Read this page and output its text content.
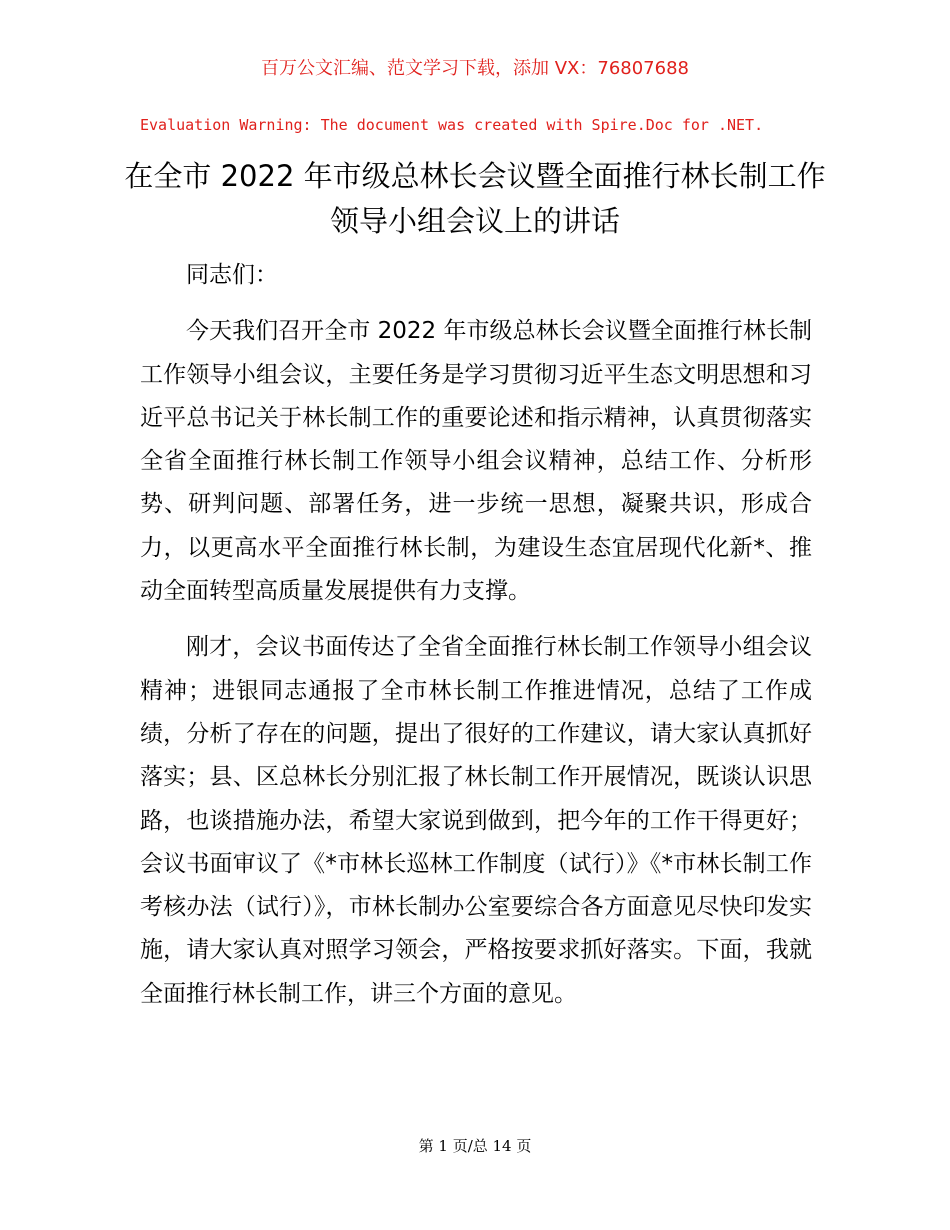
百万公文汇编、范文学习下载，添加 VX：76807688
Evaluation Warning: The document was created with Spire.Doc for .NET.
在全市 2022 年市级总林长会议暨全面推行林长制工作领导小组会议上的讲话

同志们：

今天我们召开全市 2022 年市级总林长会议暨全面推行林长制工作领导小组会议，主要任务是学习贯彻习近平生态文明思想和习近平总书记关于林长制工作的重要论述和指示精神，认真贯彻落实全省全面推行林长制工作领导小组会议精神，总结工作、分析形势、研判问题、部署任务，进一步统一思想，凝聚共识，形成合力，以更高水平全面推行林长制，为建设生态宜居现代化新*、推动全面转型高质量发展提供有力支撑。

刚才，会议书面传达了全省全面推行林长制工作领导小组会议精神；进银同志通报了全市林长制工作推进情况，总结了工作成绩，分析了存在的问题，提出了很好的工作建议，请大家认真抓好落实；县、区总林长分别汇报了林长制工作开展情况，既谈认识思路，也谈措施办法，希望大家说到做到，把今年的工作干得更好；会议书面审议了《*市林长巡林工作制度（试行）》《*市林长制工作考核办法（试行）》，市林长制办公室要综合各方面意见尽快印发实施，请大家认真对照学习领会，严格按要求抓好落实。下面，我就全面推行林长制工作，讲三个方面的意见。

第 1 页/总 14 页
